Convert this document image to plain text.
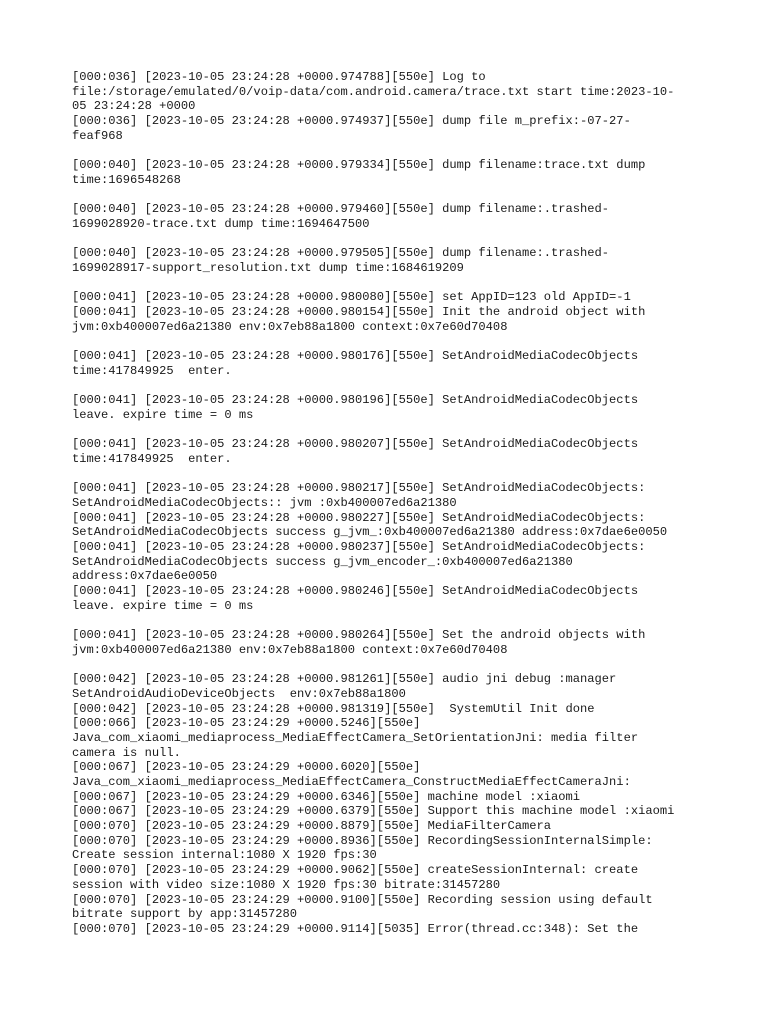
[000:036] [2023-10-05 23:24:28 +0000.974788][550e] Log to
file:/storage/emulated/0/voip-data/com.android.camera/trace.txt start time:2023-10-
05 23:24:28 +0000
[000:036] [2023-10-05 23:24:28 +0000.974937][550e] dump file m_prefix:-07-27-
feaf968
[000:040] [2023-10-05 23:24:28 +0000.979334][550e] dump filename:trace.txt dump
time:1696548268
[000:040] [2023-10-05 23:24:28 +0000.979460][550e] dump filename:.trashed-
1699028920-trace.txt dump time:1694647500
[000:040] [2023-10-05 23:24:28 +0000.979505][550e] dump filename:.trashed-
1699028917-support_resolution.txt dump time:1684619209
[000:041] [2023-10-05 23:24:28 +0000.980080][550e] set AppID=123 old AppID=-1
[000:041] [2023-10-05 23:24:28 +0000.980154][550e] Init the android object with
jvm:0xb400007ed6a21380 env:0x7eb88a1800 context:0x7e60d70408
[000:041] [2023-10-05 23:24:28 +0000.980176][550e] SetAndroidMediaCodecObjects
time:417849925  enter.
[000:041] [2023-10-05 23:24:28 +0000.980196][550e] SetAndroidMediaCodecObjects
leave. expire time = 0 ms
[000:041] [2023-10-05 23:24:28 +0000.980207][550e] SetAndroidMediaCodecObjects
time:417849925  enter.
[000:041] [2023-10-05 23:24:28 +0000.980217][550e] SetAndroidMediaCodecObjects:
SetAndroidMediaCodecObjects:: jvm :0xb400007ed6a21380
[000:041] [2023-10-05 23:24:28 +0000.980227][550e] SetAndroidMediaCodecObjects:
SetAndroidMediaCodecObjects success g_jvm_:0xb400007ed6a21380 address:0x7dae6e0050
[000:041] [2023-10-05 23:24:28 +0000.980237][550e] SetAndroidMediaCodecObjects:
SetAndroidMediaCodecObjects success g_jvm_encoder_:0xb400007ed6a21380
address:0x7dae6e0050
[000:041] [2023-10-05 23:24:28 +0000.980246][550e] SetAndroidMediaCodecObjects
leave. expire time = 0 ms
[000:041] [2023-10-05 23:24:28 +0000.980264][550e] Set the android objects with
jvm:0xb400007ed6a21380 env:0x7eb88a1800 context:0x7e60d70408
[000:042] [2023-10-05 23:24:28 +0000.981261][550e] audio jni debug :manager
SetAndroidAudioDeviceObjects  env:0x7eb88a1800
[000:042] [2023-10-05 23:24:28 +0000.981319][550e]  SystemUtil Init done
[000:066] [2023-10-05 23:24:29 +0000.5246][550e]
Java_com_xiaomi_mediaprocess_MediaEffectCamera_SetOrientationJni: media filter
camera is null.
[000:067] [2023-10-05 23:24:29 +0000.6020][550e]
Java_com_xiaomi_mediaprocess_MediaEffectCamera_ConstructMediaEffectCameraJni:
[000:067] [2023-10-05 23:24:29 +0000.6346][550e] machine model :xiaomi
[000:067] [2023-10-05 23:24:29 +0000.6379][550e] Support this machine model :xiaomi
[000:070] [2023-10-05 23:24:29 +0000.8879][550e] MediaFilterCamera
[000:070] [2023-10-05 23:24:29 +0000.8936][550e] RecordingSessionInternalSimple:
Create session internal:1080 X 1920 fps:30
[000:070] [2023-10-05 23:24:29 +0000.9062][550e] createSessionInternal: create
session with video size:1080 X 1920 fps:30 bitrate:31457280
[000:070] [2023-10-05 23:24:29 +0000.9100][550e] Recording session using default
bitrate support by app:31457280
[000:070] [2023-10-05 23:24:29 +0000.9114][5035] Error(thread.cc:348): Set the
